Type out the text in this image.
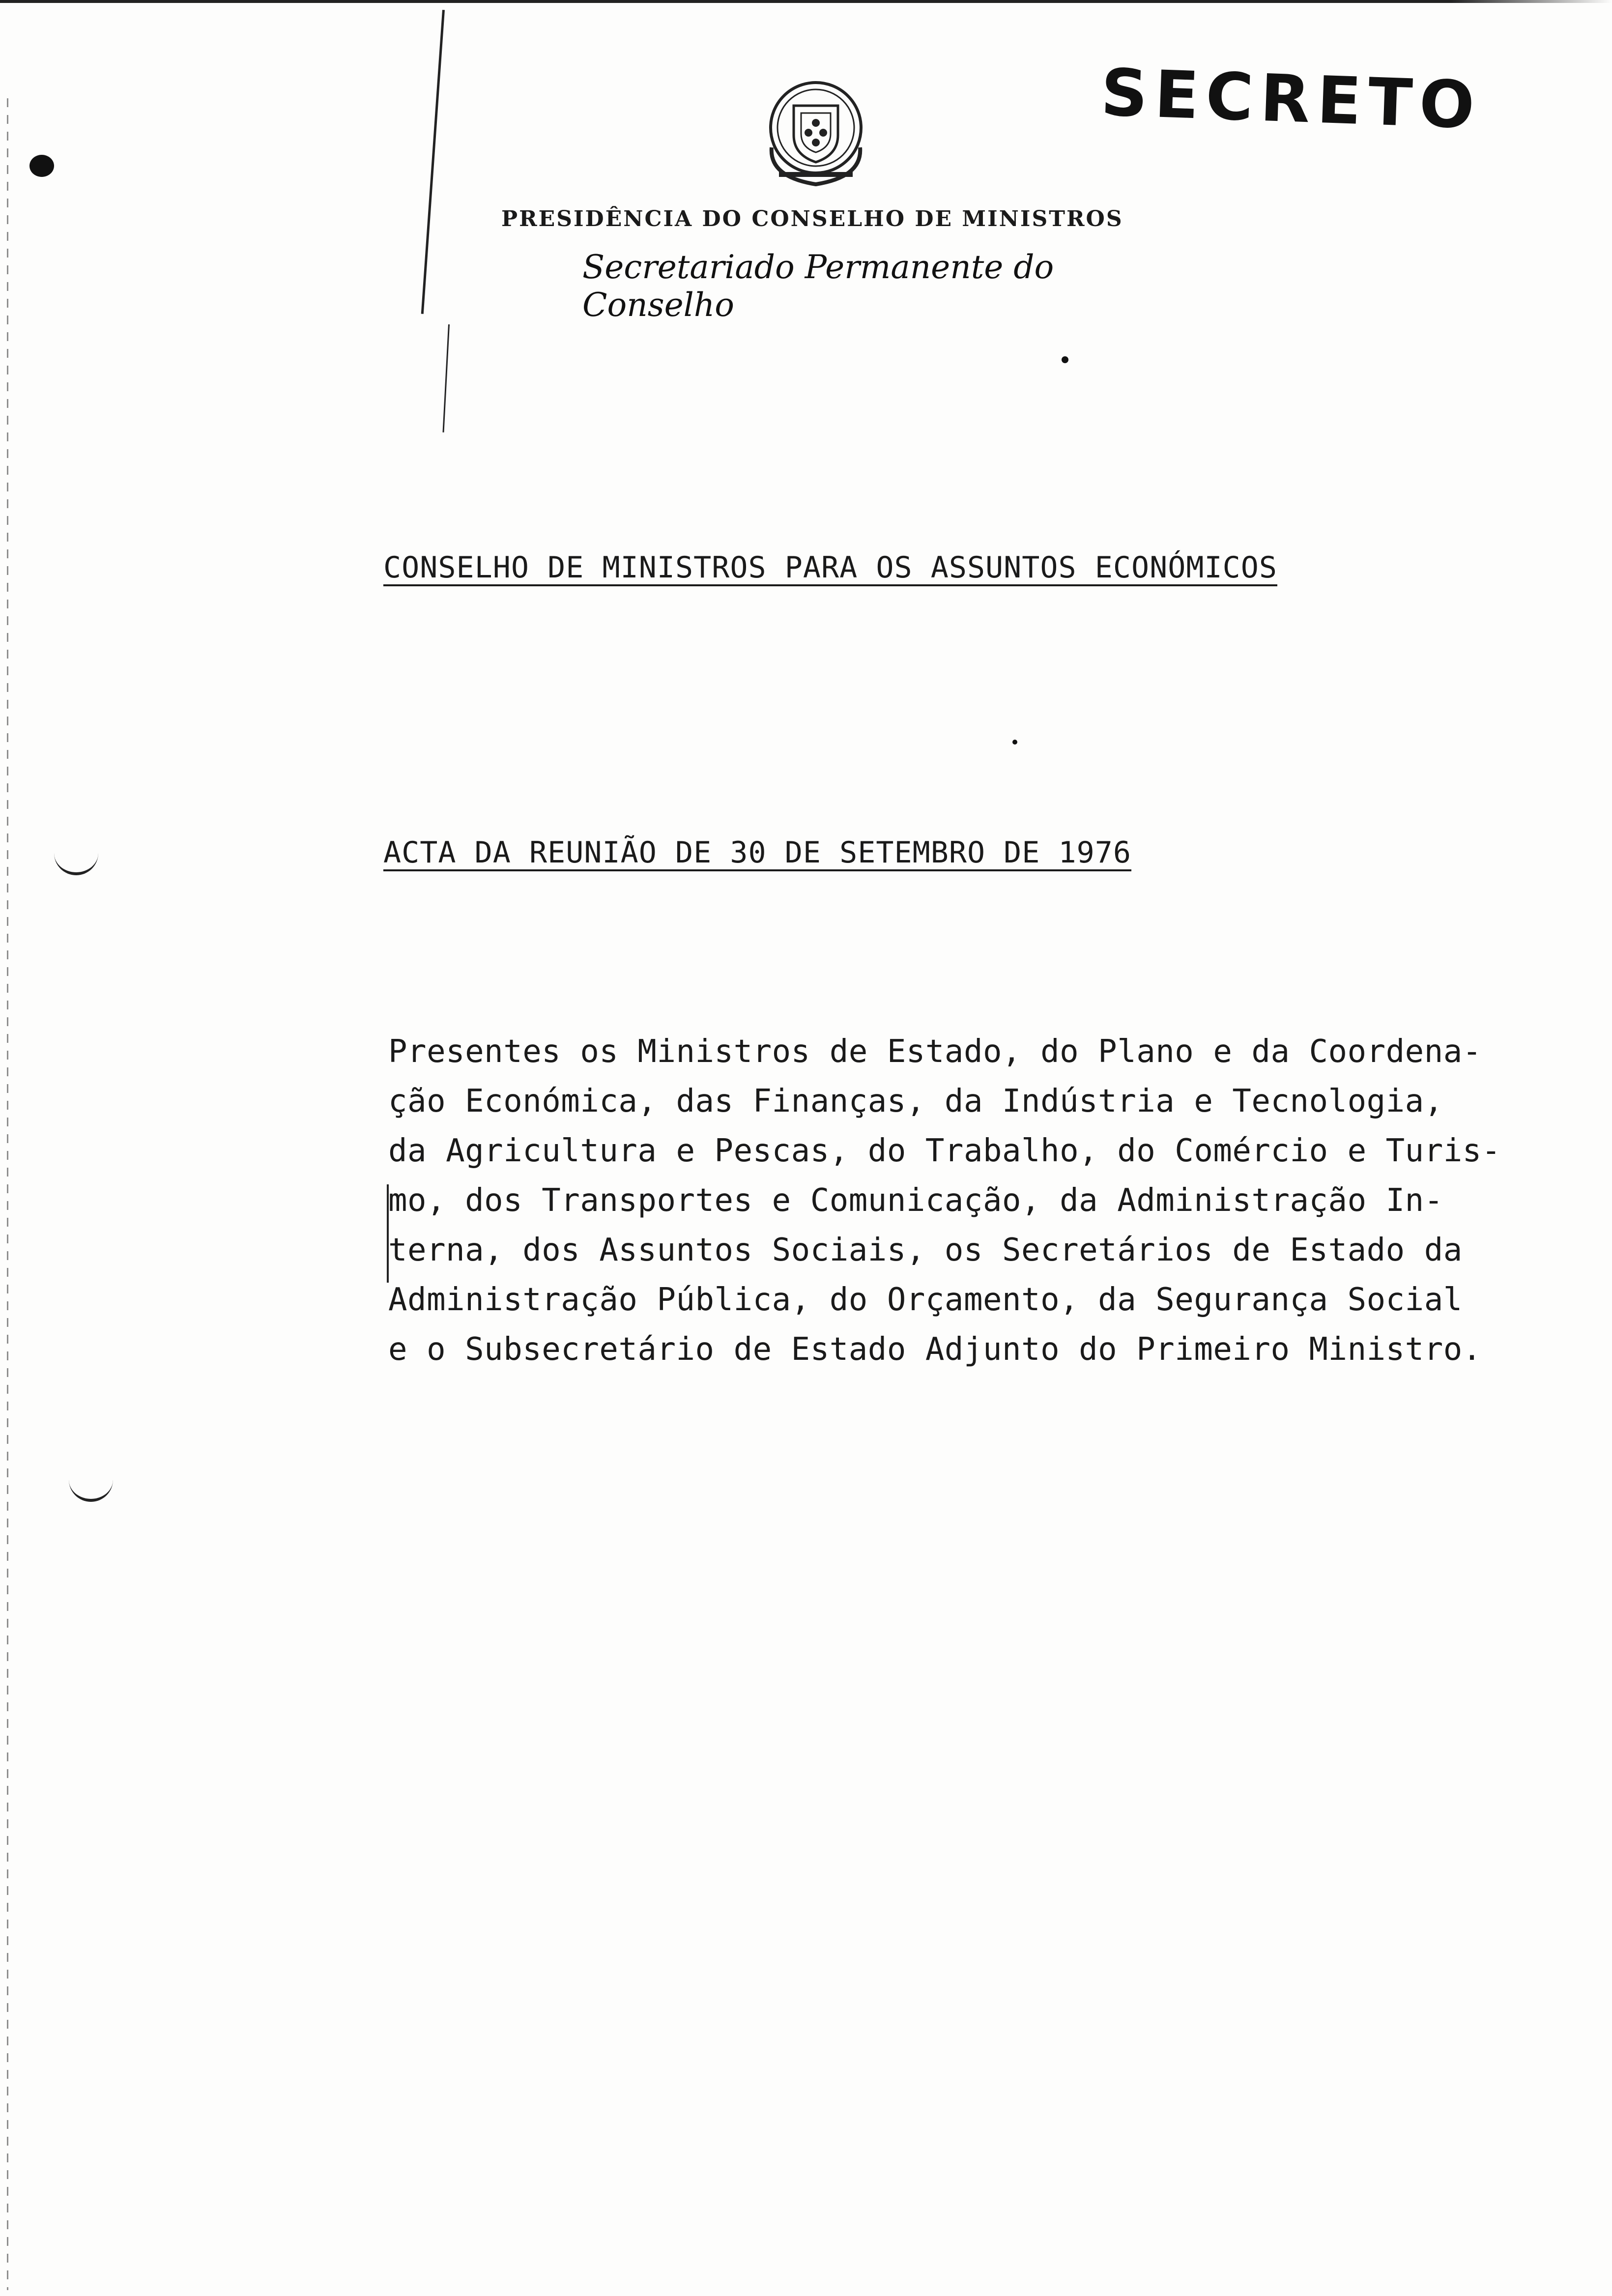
SECRETO
PRESIDÊNCIA DO CONSELHO DE MINISTROS
Secretariado Permanente do Conselho
CONSELHO DE MINISTROS PARA OS ASSUNTOS ECONÓMICOS
ACTA DA REUNIÃO DE 30 DE SETEMBRO DE 1976

Presentes os Ministros de Estado, do Plano e da Coordena-

ção Económica, das Finanças, da Indústria e Tecnologia,

da Agricultura e Pescas, do Trabalho, do Comércio e Turis-

mo, dos Transportes e Comunicação, da Administração In-

terna, dos Assuntos Sociais, os Secretários de Estado da

Administração Pública, do Orçamento, da Segurança Social

e o Subsecretário de Estado Adjunto do Primeiro Ministro.
